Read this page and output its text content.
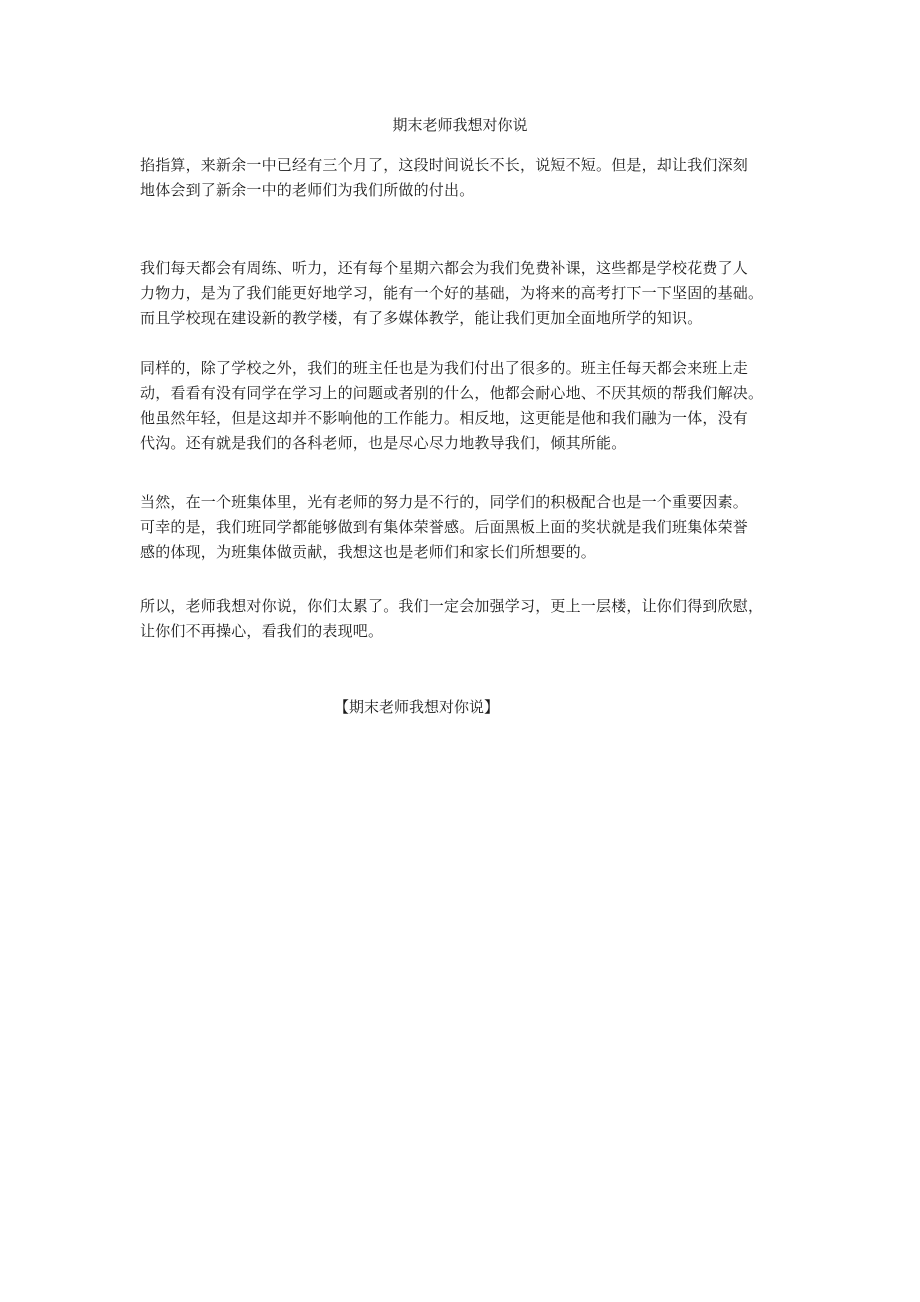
期末老师我想对你说
掐指算，来新余一中已经有三个月了，这段时间说长不长，说短不短。但是，却让我们深刻
地体会到了新余一中的老师们为我们所做的付出。
我们每天都会有周练、听力，还有每个星期六都会为我们免费补课，这些都是学校花费了人
力物力，是为了我们能更好地学习，能有一个好的基础，为将来的高考打下一下坚固的基础。
而且学校现在建设新的教学楼，有了多媒体教学，能让我们更加全面地所学的知识。
同样的，除了学校之外，我们的班主任也是为我们付出了很多的。班主任每天都会来班上走
动，看看有没有同学在学习上的问题或者别的什么，他都会耐心地、不厌其烦的帮我们解决。
他虽然年轻，但是这却并不影响他的工作能力。相反地，这更能是他和我们融为一体，没有
代沟。还有就是我们的各科老师，也是尽心尽力地教导我们，倾其所能。
当然，在一个班集体里，光有老师的努力是不行的，同学们的积极配合也是一个重要因素。
可幸的是，我们班同学都能够做到有集体荣誉感。后面黑板上面的奖状就是我们班集体荣誉
感的体现，为班集体做贡献，我想这也是老师们和家长们所想要的。
所以，老师我想对你说，你们太累了。我们一定会加强学习，更上一层楼，让你们得到欣慰，
让你们不再操心，看我们的表现吧。
【期末老师我想对你说】
